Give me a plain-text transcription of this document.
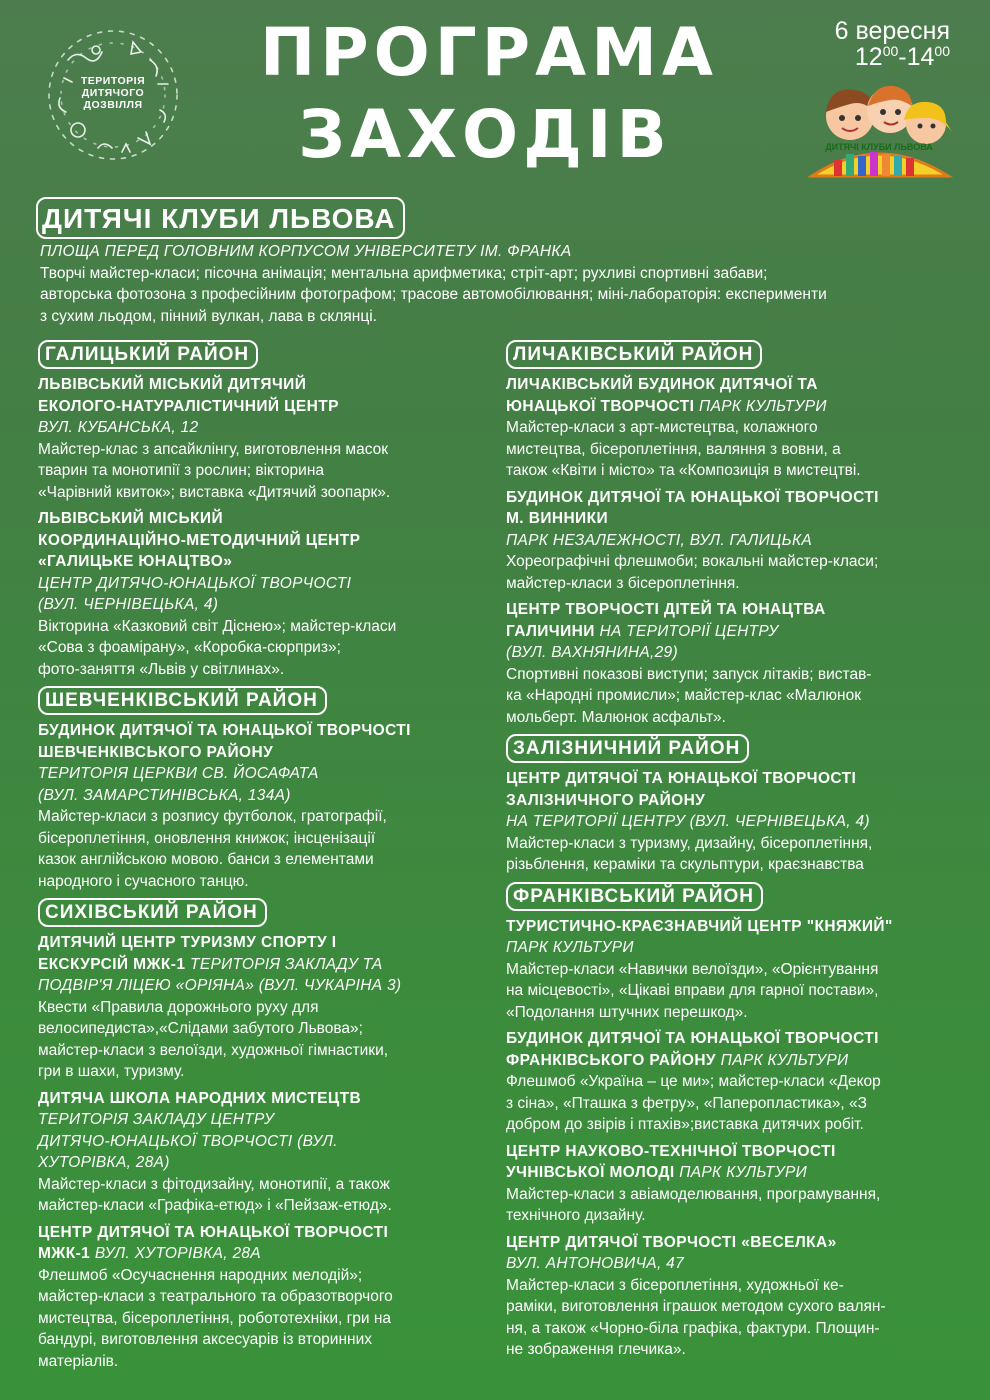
ТЕРИТОРІЯ
ДИТЯЧОГО
ДОЗВІЛЛЯ
ПРОГРАМА
ЗАХОДІВ
6 вересня
$12^{00}-14^{00}$
ДИТЯЧІ КЛУБИ ЛЬВОВА
ДИТЯЧІ КЛУБИ ЛЬВОВА
ПЛОЩА ПЕРЕД ГОЛОВНИМ КОРПУСОМ УНІВЕРСИТЕТУ ІМ. ФРАНКА
Творчі майстер-класи; пісочна анімація; ментальна арифметика; стріт-арт; рухливі спортивні забави;
авторська фотозона з професійним фотографом; трасове автомобілювання; міні-лабораторія: експерименти
з сухим льодом, пінний вулкан, лава в склянці.
ГАЛИЦЬКИЙ РАЙОН
ЛЬВІВСЬКИЙ МІСЬКИЙ ДИТЯЧИЙ
ЕКОЛОГО-НАТУРАЛІСТИЧНИЙ ЦЕНТР
ВУЛ. КУБАНСЬКА, 12
Майстер-клас з апсайклінгу, виготовлення масок
тварин та монотипії з рослин; вікторина
«Чарівний квиток»; виставка «Дитячий зоопарк».
ЛЬВІВСЬКИЙ МІСЬКИЙ
КООРДИНАЦІЙНО-МЕТОДИЧНИЙ ЦЕНТР
«ГАЛИЦЬКЕ ЮНАЦТВО»
ЦЕНТР ДИТЯЧО-ЮНАЦЬКОЇ ТВОРЧОСТІ
(ВУЛ. ЧЕРНІВЕЦЬКА, 4)
Вікторина «Казковий світ Діснею»; майстер-класи
«Сова з фоамірану», «Коробка-сюрприз»;
фото-заняття «Львів у світлинах».
ШЕВЧЕНКІВСЬКИЙ РАЙОН
БУДИНОК ДИТЯЧОЇ ТА ЮНАЦЬКОЇ ТВОРЧОСТІ
ШЕВЧЕНКІВСЬКОГО РАЙОНУ
ТЕРИТОРІЯ ЦЕРКВИ СВ. ЙОСАФАТА
(ВУЛ. ЗАМАРСТИНІВСЬКА, 134А)
Майстер-класи з розпису футболок, гратографії,
бісероплетіння, оновлення книжок; інсценізації
казок англійською мовою. банси з елементами
народного і сучасного танцю.
СИХІВСЬКИЙ РАЙОН
ДИТЯЧИЙ ЦЕНТР ТУРИЗМУ СПОРТУ І
ЕКСКУРСІЙ МЖК-1 ТЕРИТОРІЯ ЗАКЛАДУ ТА
ПОДВІР'Я ЛІЦЕЮ «ОРІЯНА» (ВУЛ. ЧУКАРІНА 3)
Квести «Правила дорожнього руху для
велосипедиста»,«Слідами забутого Львова»;
майстер-класи з велоїзди, художньої гімнастики,
гри в шахи, туризму.
ДИТЯЧА ШКОЛА НАРОДНИХ МИСТЕЦТВ
ТЕРИТОРІЯ ЗАКЛАДУ ЦЕНТРУ
ДИТЯЧО-ЮНАЦЬКОЇ ТВОРЧОСТІ (ВУЛ.
ХУТОРІВКА, 28А)
Майстер-класи з фітодизайну, монотипії, а також
майстер-класи «Графіка-етюд» і «Пейзаж-етюд».
ЦЕНТР ДИТЯЧОЇ ТА ЮНАЦЬКОЇ ТВОРЧОСТІ
МЖК-1 ВУЛ. ХУТОРІВКА, 28А
Флешмоб «Осучаснення народних мелодій»;
майстер-класи з театрального та образотворчого
мистецтва, бісероплетіння, робототехніки, гри на
бандурі, виготовлення аксесуарів із вторинних
матеріалів.
ЛИЧАКІВСЬКИЙ РАЙОН
ЛИЧАКІВСЬКИЙ БУДИНОК ДИТЯЧОЇ ТА
ЮНАЦЬКОЇ ТВОРЧОСТІ ПАРК КУЛЬТУРИ
Майстер-класи з арт-мистецтва, колажного
мистецтва, бісероплетіння, валяння з вовни, а
також «Квіти і місто» та «Композиція в мистецтві.
БУДИНОК ДИТЯЧОЇ ТА ЮНАЦЬКОЇ ТВОРЧОСТІ
М. ВИННИКИ
ПАРК НЕЗАЛЕЖНОСТІ, ВУЛ. ГАЛИЦЬКА
Хореографічні флешмоби; вокальні майстер-класи;
майстер-класи з бісероплетіння.
ЦЕНТР ТВОРЧОСТІ ДІТЕЙ ТА ЮНАЦТВА
ГАЛИЧИНИ НА ТЕРИТОРІЇ ЦЕНТРУ
(ВУЛ. ВАХНЯНИНА,29)
Спортивні показові виступи; запуск літаків; вистав-
ка «Народні промисли»; майстер-клас «Малюнок
мольберт. Малюнок асфальт».
ЗАЛІЗНИЧНИЙ РАЙОН
ЦЕНТР ДИТЯЧОЇ ТА ЮНАЦЬКОЇ ТВОРЧОСТІ
ЗАЛІЗНИЧНОГО РАЙОНУ
НА ТЕРИТОРІЇ ЦЕНТРУ (ВУЛ. ЧЕРНІВЕЦЬКА, 4)
Майстер-класи з туризму, дизайну, бісероплетіння,
різьблення, кераміки та скульптури, краєзнавства
ФРАНКІВСЬКИЙ РАЙОН
ТУРИСТИЧНО-КРАЄЗНАВЧИЙ ЦЕНТР "КНЯЖИЙ"
ПАРК КУЛЬТУРИ
Майстер-класи «Навички велоїзди», «Орієнтування
на місцевості», «Цікаві вправи для гарної постави»,
«Подолання штучних перешкод».
БУДИНОК ДИТЯЧОЇ ТА ЮНАЦЬКОЇ ТВОРЧОСТІ
ФРАНКІВСЬКОГО РАЙОНУ ПАРК КУЛЬТУРИ
Флешмоб «Україна – це ми»; майстер-класи «Декор
з сіна», «Пташка з фетру», «Паперопластика», «З
добром до звірів і птахів»;виставка дитячих робіт.
ЦЕНТР НАУКОВО-ТЕХНІЧНОЇ ТВОРЧОСТІ
УЧНІВСЬКОЇ МОЛОДІ ПАРК КУЛЬТУРИ
Майстер-класи з авіамоделювання, програмування,
технічного дизайну.
ЦЕНТР ДИТЯЧОЇ ТВОРЧОСТІ «ВЕСЕЛКА»
ВУЛ. АНТОНОВИЧА, 47
Майстер-класи з бісероплетіння, художньої ке-
раміки, виготовлення іграшок методом сухого валян-
ня, а також «Чорно-біла графіка, фактури. Площин-
не зображення глечика».
